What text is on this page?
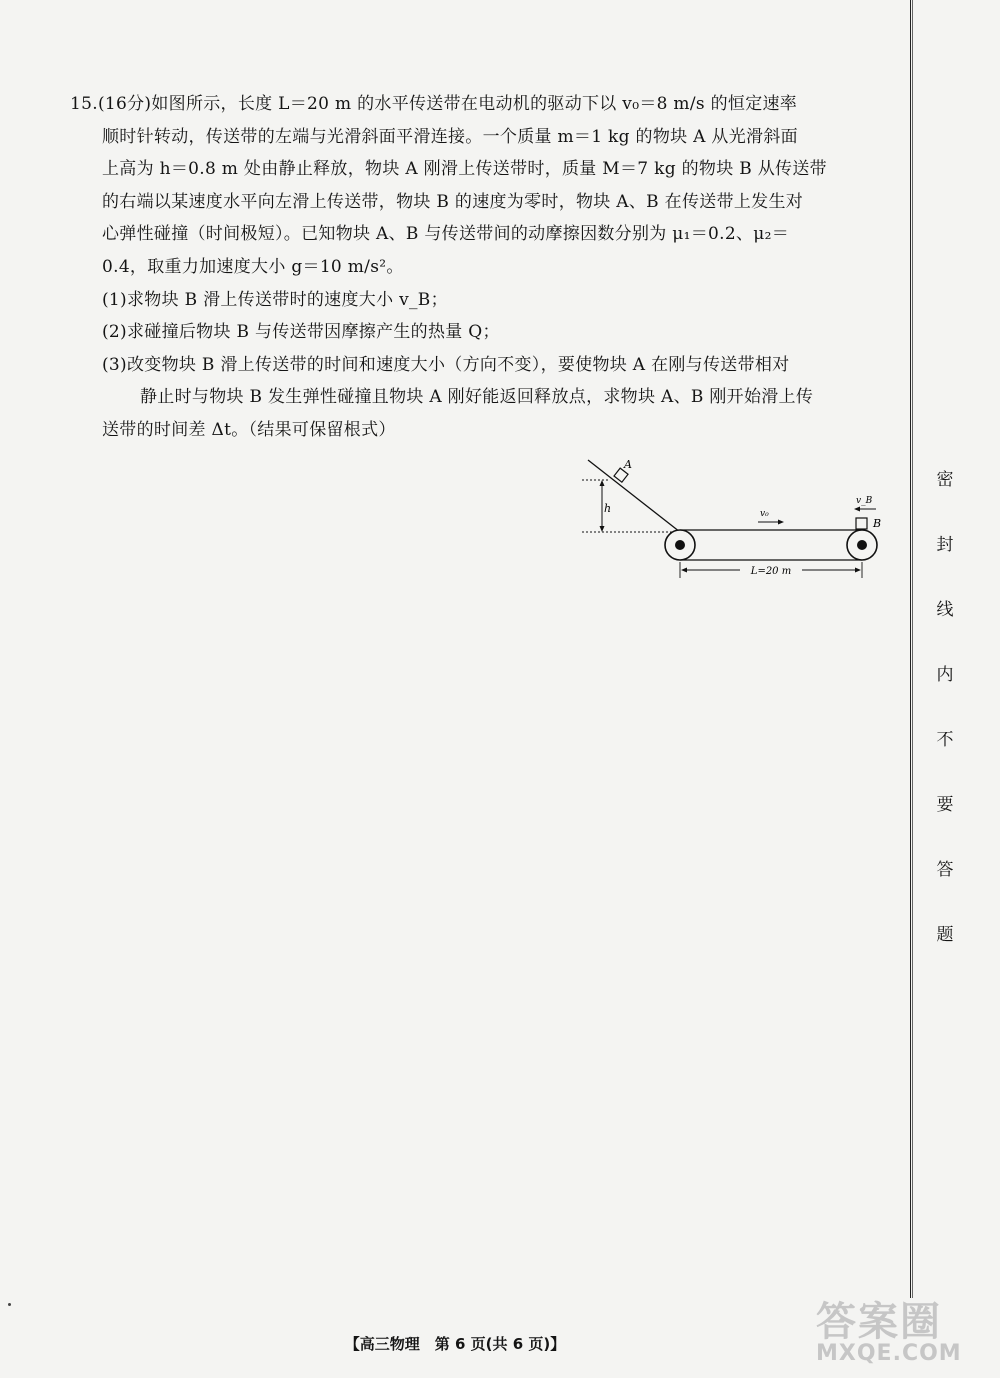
15.(16分)如图所示，长度 L＝20 m 的水平传送带在电动机的驱动下以 v₀＝8 m/s 的恒定速率

顺时针转动，传送带的左端与光滑斜面平滑连接。一个质量 m＝1 kg 的物块 A 从光滑斜面

上高为 h＝0.8 m 处由静止释放，物块 A 刚滑上传送带时，质量 M＝7 kg 的物块 B 从传送带

的右端以某速度水平向左滑上传送带，物块 B 的速度为零时，物块 A、B 在传送带上发生对

心弹性碰撞（时间极短）。已知物块 A、B 与传送带间的动摩擦因数分别为 μ₁＝0.2、μ₂＝

0.4，取重力加速度大小 g＝10 m/s²。

(1)求物块 B 滑上传送带时的速度大小 v_B；

(2)求碰撞后物块 B 与传送带因摩擦产生的热量 Q；

(3)改变物块 B 滑上传送带的时间和速度大小（方向不变），要使物块 A 在刚与传送带相对

静止时与物块 B 发生弹性碰撞且物块 A 刚好能返回释放点，求物块 A、B 刚开始滑上传

送带的时间差 Δt。（结果可保留根式）

A
h	v₀
B
v_B
L=20 m
密
封
线
内
不
要
答
题
【高三物理　第 6 页(共 6 页)】	答案圈
MXQE.COM
